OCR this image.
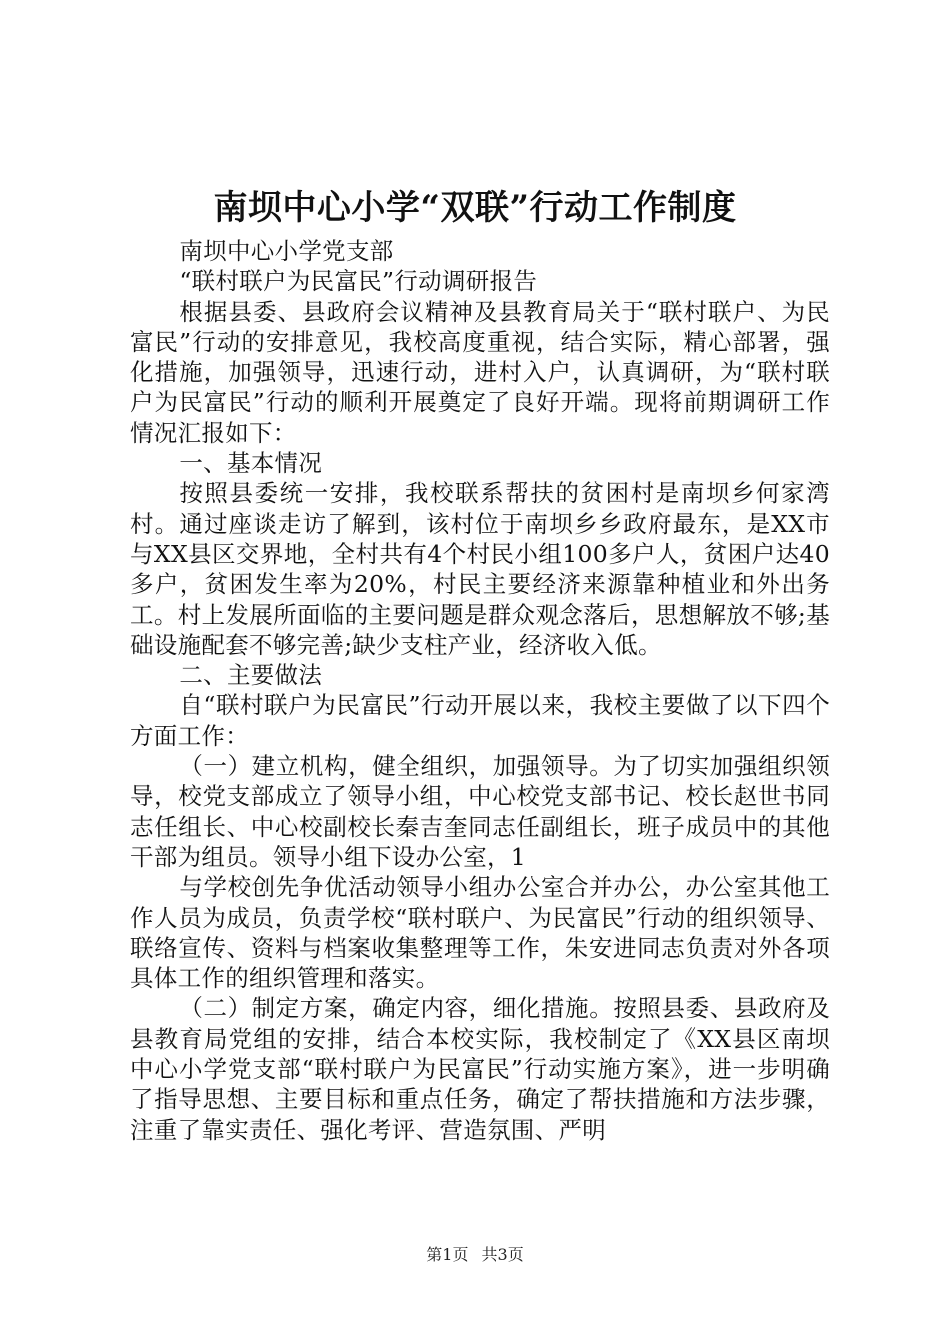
南坝中心小学“双联”行动工作制度

南坝中心小学党支部

“联村联户为民富民”行动调研报告

根据县委、县政府会议精神及县教育局关于“联村联户、为民富民”行动的安排意见，我校高度重视，结合实际，精心部署，强化措施，加强领导，迅速行动，进村入户，认真调研，为“联村联户为民富民”行动的顺利开展奠定了良好开端。现将前期调研工作情况汇报如下：

一、基本情况

按照县委统一安排，我校联系帮扶的贫困村是南坝乡何家湾村。通过座谈走访了解到，该村位于南坝乡乡政府最东，是XX市与XX县区交界地，全村共有4个村民小组100多户人，贫困户达40多户，贫困发生率为20%，村民主要经济来源靠种植业和外出务工。村上发展所面临的主要问题是群众观念落后，思想解放不够;基础设施配套不够完善;缺少支柱产业，经济收入低。

二、主要做法

自“联村联户为民富民”行动开展以来，我校主要做了以下四个方面工作：

（一）建立机构，健全组织，加强领导。为了切实加强组织领导，校党支部成立了领导小组，中心校党支部书记、校长赵世书同志任组长、中心校副校长秦吉奎同志任副组长，班子成员中的其他干部为组员。领导小组下设办公室，1

与学校创先争优活动领导小组办公室合并办公，办公室其他工作人员为成员，负责学校“联村联户、为民富民”行动的组织领导、联络宣传、资料与档案收集整理等工作，朱安进同志负责对外各项具体工作的组织管理和落实。

（二）制定方案，确定内容，细化措施。按照县委、县政府及县教育局党组的安排，结合本校实际，我校制定了《XX县区南坝中心小学党支部“联村联户为民富民”行动实施方案》，进一步明确了指导思想、主要目标和重点任务，确定了帮扶措施和方法步骤，注重了靠实责任、强化考评、营造氛围、严明

第1页 共3页
